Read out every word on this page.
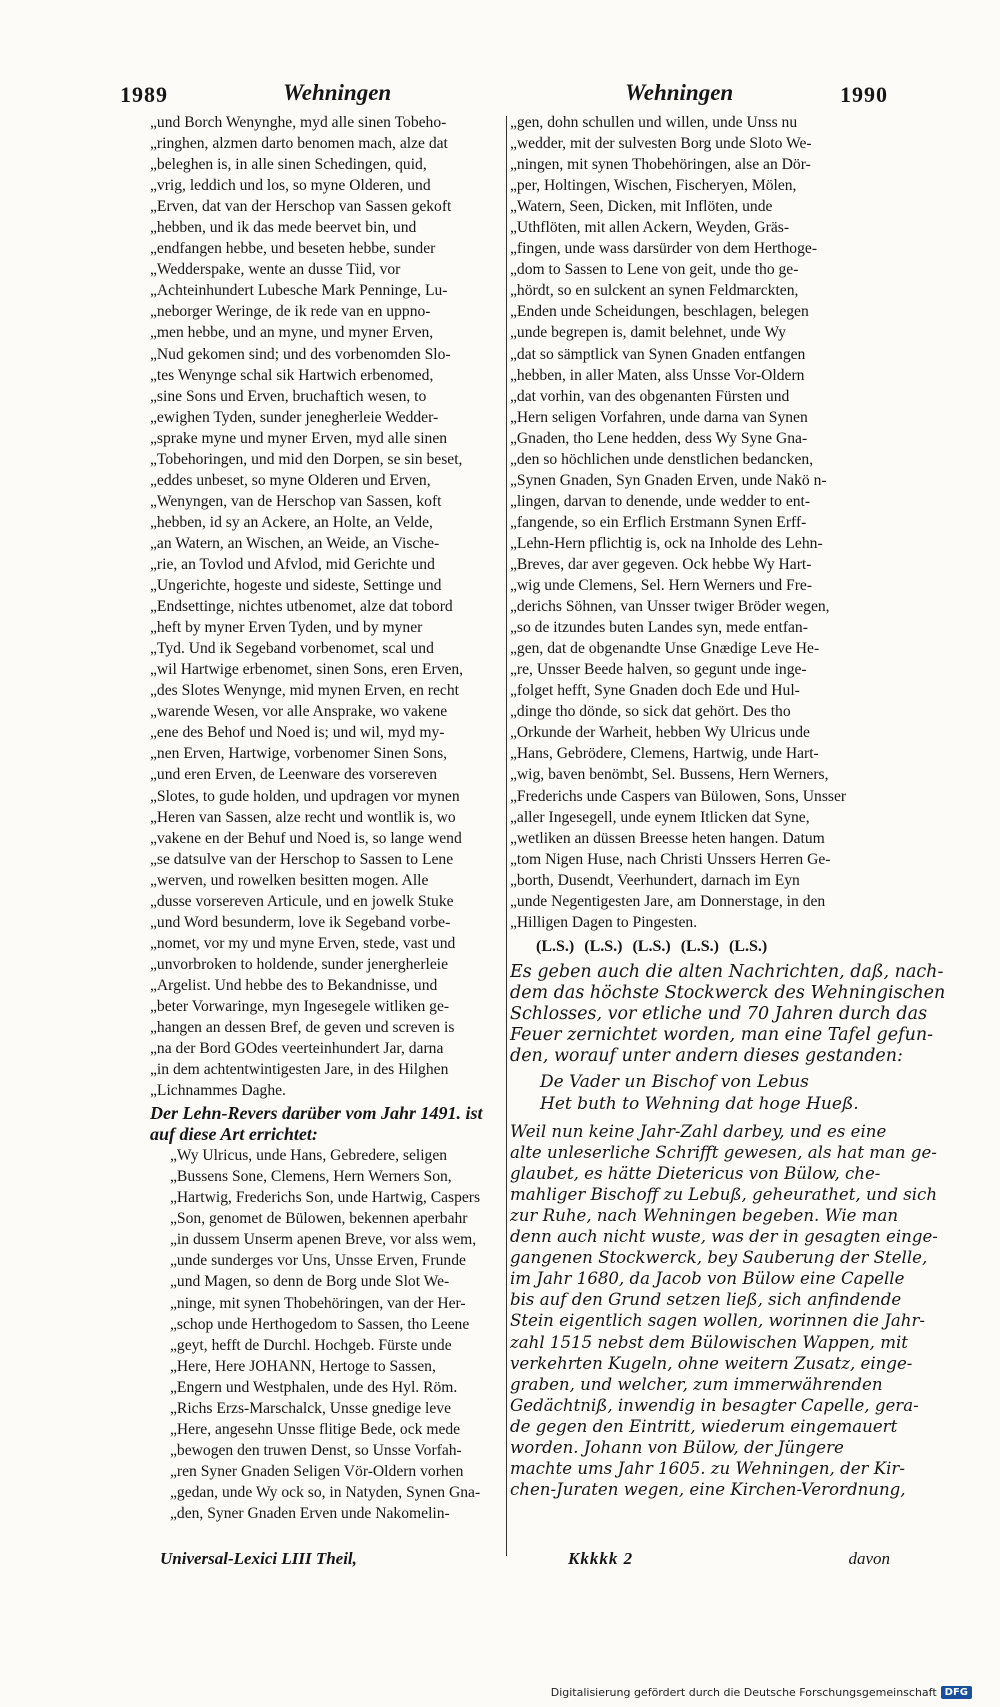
1989	Wehningen	Wehningen	1990
„und Borch Wenynghe, myd alle sinen Tobeho-
„ringhen, alzmen darto benomen mach, alze dat
„beleghen is, in alle sinen Schedingen, quid,
„vrig, leddich und los, so myne Olderen, und
„Erven, dat van der Herschop van Sassen gekoft
„hebben, und ik das mede beervet bin, und
„endfangen hebbe, und beseten hebbe, sunder
„Wedderspake, wente an dusse Tiid, vor
„Achteinhundert Lubesche Mark Penninge, Lu-
„neborger Weringe, de ik rede van en uppno-
„men hebbe, und an myne, und myner Erven,
„Nud gekomen sind; und des vorbenomden Slo-
„tes Wenynge schal sik Hartwich erbenomed,
„sine Sons und Erven, bruchaftich wesen, to
„ewighen Tyden, sunder jenegherleie Wedder-
„sprake myne und myner Erven, myd alle sinen
„Tobehoringen, und mid den Dorpen, se sin beset,
„eddes unbeset, so myne Olderen und Erven,
„Wenyngen, van de Herschop van Sassen, koft
„hebben, id sy an Ackere, an Holte, an Velde,
„an Watern, an Wischen, an Weide, an Vische-
„rie, an Tovlod und Afvlod, mid Gerichte und
„Ungerichte, hogeste und sideste, Settinge und
„Endsettinge, nichtes utbenomet, alze dat tobord
„heft by myner Erven Tyden, und by myner
„Tyd. Und ik Segeband vorbenomet, scal und
„wil Hartwige erbenomet, sinen Sons, eren Erven,
„des Slotes Wenynge, mid mynen Erven, en recht
„warende Wesen, vor alle Ansprake, wo vakene
„ene des Behof und Noed is; und wil, myd my-
„nen Erven, Hartwige, vorbenomer Sinen Sons,
„und eren Erven, de Leenware des vorsereven
„Slotes, to gude holden, und updragen vor mynen
„Heren van Sassen, alze recht und wontlik is, wo
„vakene en der Behuf und Noed is, so lange wend
„se datsulve van der Herschop to Sassen to Lene
„werven, und rowelken besitten mogen. Alle
„dusse vorsereven Articule, und en jowelk Stuke
„und Word besunderm, love ik Segeband vorbe-
„nomet, vor my und myne Erven, stede, vast und
„unvorbroken to holdende, sunder jenergherleie
„Argelist. Und hebbe des to Bekandnisse, und
„beter Vorwaringe, myn Ingesegele witliken ge-
„hangen an dessen Bref, de geven und screven is
„na der Bord GOdes veerteinhundert Jar, darna
„in dem achtentwintigesten Jare, in des Hilghen
„Lichnammes Daghe.
Der Lehn-Revers darüber vom Jahr 1491. ist
auf diese Art errichtet:
„Wy Ulricus, unde Hans, Gebredere, seligen
„Bussens Sone, Clemens, Hern Werners Son,
„Hartwig, Frederichs Son, unde Hartwig, Caspers
„Son, genomet de Bülowen, bekennen aperbahr
„in dussem Unserm apenen Breve, vor alss wem,
„unde sunderges vor Uns, Unsse Erven, Frunde
„und Magen, so denn de Borg unde Slot We-
„ninge, mit synen Thobehöringen, van der Her-
„schop unde Herthogedom to Sassen, tho Leene
„geyt, hefft de Durchl. Hochgeb. Fürste unde
„Here, Here JOHANN, Hertoge to Sassen,
„Engern und Westphalen, unde des Hyl. Röm.
„Richs Erzs-Marschalck, Unsse gnedige leve
„Here, angesehn Unsse flitige Bede, ock mede
„bewogen den truwen Denst, so Unsse Vorfah-
„ren Syner Gnaden Seligen Vör-Oldern vorhen
„gedan, unde Wy ock so, in Natyden, Synen Gna-
„den, Syner Gnaden Erven unde Nakomelin-
„gen, dohn schullen und willen, unde Unss nu
„wedder, mit der sulvesten Borg unde Sloto We-
„ningen, mit synen Thobehöringen, alse an Dör-
„per, Holtingen, Wischen, Fischeryen, Mölen,
„Watern, Seen, Dicken, mit Inflöten, unde
„Uthflöten, mit allen Ackern, Weyden, Gräs-
„fingen, unde wass darsürder von dem Herthoge-
„dom to Sassen to Lene von geit, unde tho ge-
„hördt, so en sulckent an synen Feldmarckten,
„Enden unde Scheidungen, beschlagen, belegen
„unde begrepen is, damit belehnet, unde Wy
„dat so sämptlick van Synen Gnaden entfangen
„hebben, in aller Maten, alss Unsse Vor-Oldern
„dat vorhin, van des obgenanten Fürsten und
„Hern seligen Vorfahren, unde darna van Synen
„Gnaden, tho Lene hedden, dess Wy Syne Gna-
„den so höchlichen unde denstlichen bedancken,
„Synen Gnaden, Syn Gnaden Erven, unde Nakö n-
„lingen, darvan to denende, unde wedder to ent-
„fangende, so ein Erflich Erstmann Synen Erff-
„Lehn-Hern pflichtig is, ock na Inholde des Lehn-
„Breves, dar aver gegeven. Ock hebbe Wy Hart-
„wig unde Clemens, Sel. Hern Werners und Fre-
„derichs Söhnen, van Unsser twiger Bröder wegen,
„so de itzundes buten Landes syn, mede entfan-
„gen, dat de obgenandte Unse Gnædige Leve He-
„re, Unsser Beede halven, so gegunt unde inge-
„folget hefft, Syne Gnaden doch Ede und Hul-
„dinge tho dönde, so sick dat gehört. Des tho
„Orkunde der Warheit, hebben Wy Ulricus unde
„Hans, Gebrödere, Clemens, Hartwig, unde Hart-
„wig, baven benömbt, Sel. Bussens, Hern Werners,
„Frederichs unde Caspers van Bülowen, Sons, Unsser
„aller Ingesegell, unde eynem Itlicken dat Syne,
„wetliken an düssen Breesse heten hangen. Datum
„tom Nigen Huse, nach Christi Unssers Herren Ge-
„borth, Dusendt, Veerhundert, darnach im Eyn
„unde Negentigesten Jare, am Donnerstage, in den
„Hilligen Dagen to Pingesten.
(L.S.) (L.S.) (L.S.) (L.S.) (L.S.)
Es geben auch die alten Nachrichten, daß, nach-
dem das höchste Stockwerck des Wehningischen
Schlosses, vor etliche und 70 Jahren durch das
Feuer zernichtet worden, man eine Tafel gefun-
den, worauf unter andern dieses gestanden:
De Vader un Bischof von Lebus
Het buth to Wehning dat hoge Hueß.
Weil nun keine Jahr-Zahl darbey, und es eine
alte unleserliche Schrifft gewesen, als hat man ge-
glaubet, es hätte Dietericus von Bülow, che-
mahliger Bischoff zu Lebuß, geheurathet, und sich
zur Ruhe, nach Wehningen begeben. Wie man
denn auch nicht wuste, was der in gesagten einge-
gangenen Stockwerck, bey Sauberung der Stelle,
im Jahr 1680, da Jacob von Bülow eine Capelle
bis auf den Grund setzen ließ, sich anfindende
Stein eigentlich sagen wollen, worinnen die Jahr-
zahl 1515 nebst dem Bülowischen Wappen, mit
verkehrten Kugeln, ohne weitern Zusatz, einge-
graben, und welcher, zum immerwährenden
Gedächtniß, inwendig in besagter Capelle, gera-
de gegen den Eintritt, wiederum eingemauert
worden. Johann von Bülow, der Jüngere
machte ums Jahr 1605. zu Wehningen, der Kir-
chen-Juraten wegen, eine Kirchen-Verordnung,
Universal-Lexici LIII Theil,	Kkkkk 2	davon
Digitalisierung gefördert durch die Deutsche Forschungsgemeinschaft DFG
